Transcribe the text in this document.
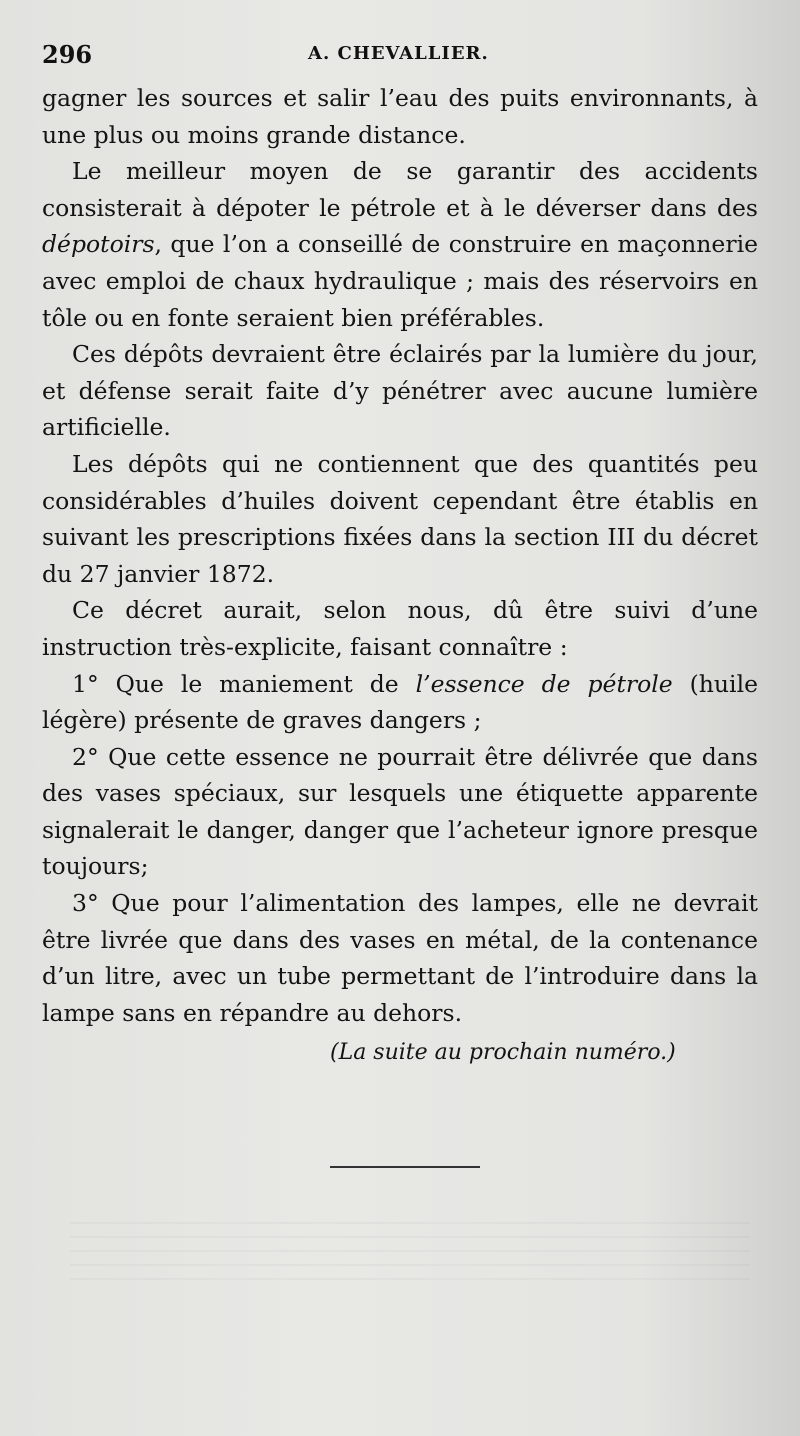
296	A. CHEVALLIER.

gagner les sources et salir l’eau des puits environnants, à une plus ou moins grande distance.

Le meilleur moyen de se garantir des accidents consisterait à dépoter le pétrole et à le déverser dans des dépotoirs, que l’on a conseillé de construire en maçonnerie avec emploi de chaux hydraulique ; mais des réservoirs en tôle ou en fonte seraient bien préférables.

Ces dépôts devraient être éclairés par la lumière du jour, et défense serait faite d’y pénétrer avec aucune lumière artificielle.

Les dépôts qui ne contiennent que des quantités peu considérables d’huiles doivent cependant être établis en suivant les prescriptions fixées dans la section III du décret du 27 janvier 1872.

Ce décret aurait, selon nous, dû être suivi d’une instruction très-explicite, faisant connaître :

1° Que le maniement de l’essence de pétrole (huile légère) présente de graves dangers ;

2° Que cette essence ne pourrait être délivrée que dans des vases spéciaux, sur lesquels une étiquette apparente signalerait le danger, danger que l’acheteur ignore presque toujours;

3° Que pour l’alimentation des lampes, elle ne devrait être livrée que dans des vases en métal, de la contenance d’un litre, avec un tube permettant de l’introduire dans la lampe sans en répandre au dehors.

(La suite au prochain numéro.)
